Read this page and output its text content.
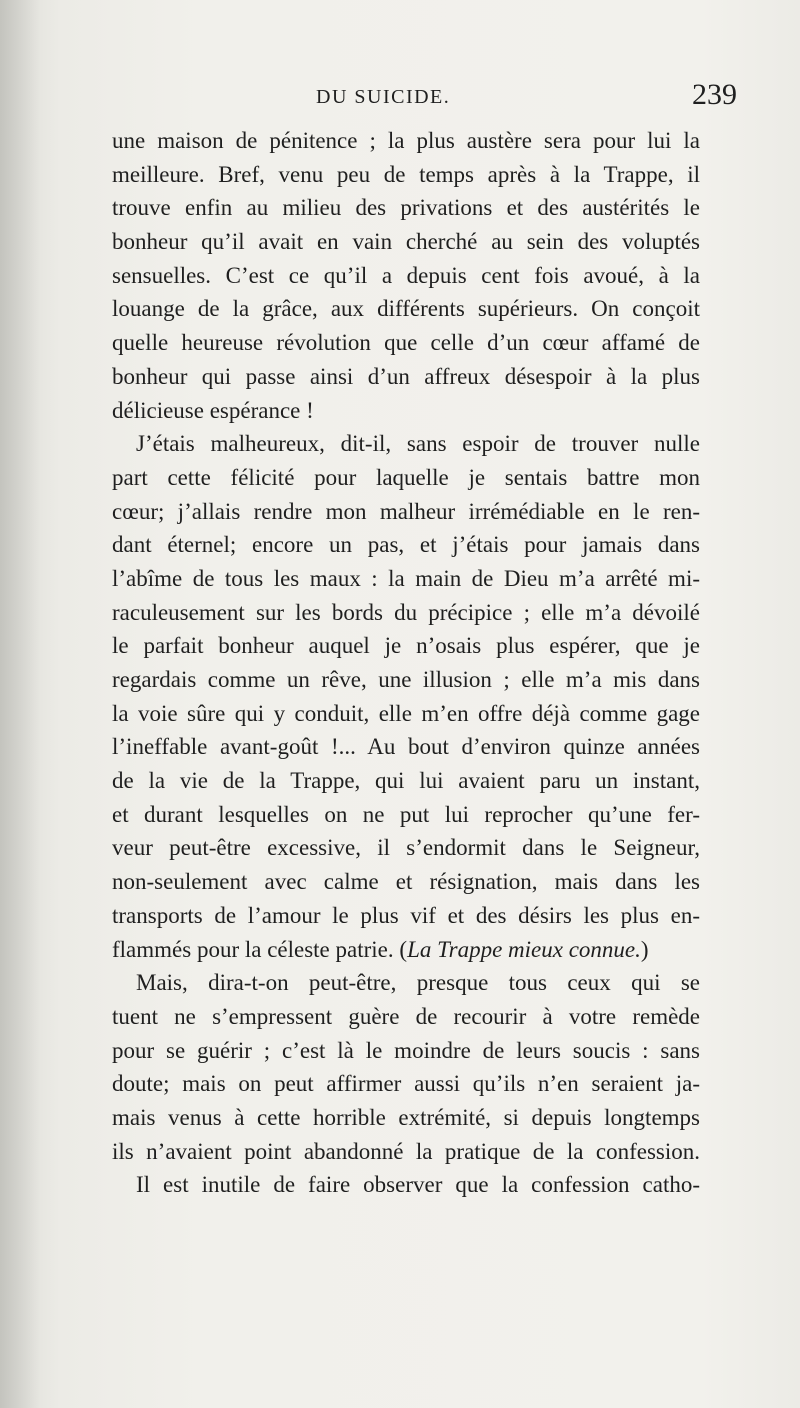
DU SUICIDE.	239
une maison de pénitence ; la plus austère sera pour lui la
meilleure. Bref, venu peu de temps après à la Trappe, il
trouve enfin au milieu des privations et des austérités le
bonheur qu’il avait en vain cherché au sein des voluptés
sensuelles. C’est ce qu’il a depuis cent fois avoué, à la
louange de la grâce, aux différents supérieurs. On conçoit
quelle heureuse révolution que celle d’un cœur affamé de
bonheur qui passe ainsi d’un affreux désespoir à la plus
délicieuse espérance !
J’étais malheureux, dit-il, sans espoir de trouver nulle
part cette félicité pour laquelle je sentais battre mon
cœur; j’allais rendre mon malheur irrémédiable en le ren-
dant éternel; encore un pas, et j’étais pour jamais dans
l’abîme de tous les maux : la main de Dieu m’a arrêté mi-
raculeusement sur les bords du précipice ; elle m’a dévoilé
le parfait bonheur auquel je n’osais plus espérer, que je
regardais comme un rêve, une illusion ; elle m’a mis dans
la voie sûre qui y conduit, elle m’en offre déjà comme gage
l’ineffable avant-goût !... Au bout d’environ quinze années
de la vie de la Trappe, qui lui avaient paru un instant,
et durant lesquelles on ne put lui reprocher qu’une fer-
veur peut-être excessive, il s’endormit dans le Seigneur,
non-seulement avec calme et résignation, mais dans les
transports de l’amour le plus vif et des désirs les plus en-
flammés pour la céleste patrie. (La Trappe mieux connue.)
Mais, dira-t-on peut-être, presque tous ceux qui se
tuent ne s’empressent guère de recourir à votre remède
pour se guérir ; c’est là le moindre de leurs soucis : sans
doute; mais on peut affirmer aussi qu’ils n’en seraient ja-
mais venus à cette horrible extrémité, si depuis longtemps
ils n’avaient point abandonné la pratique de la confession.
Il est inutile de faire observer que la confession catho-
